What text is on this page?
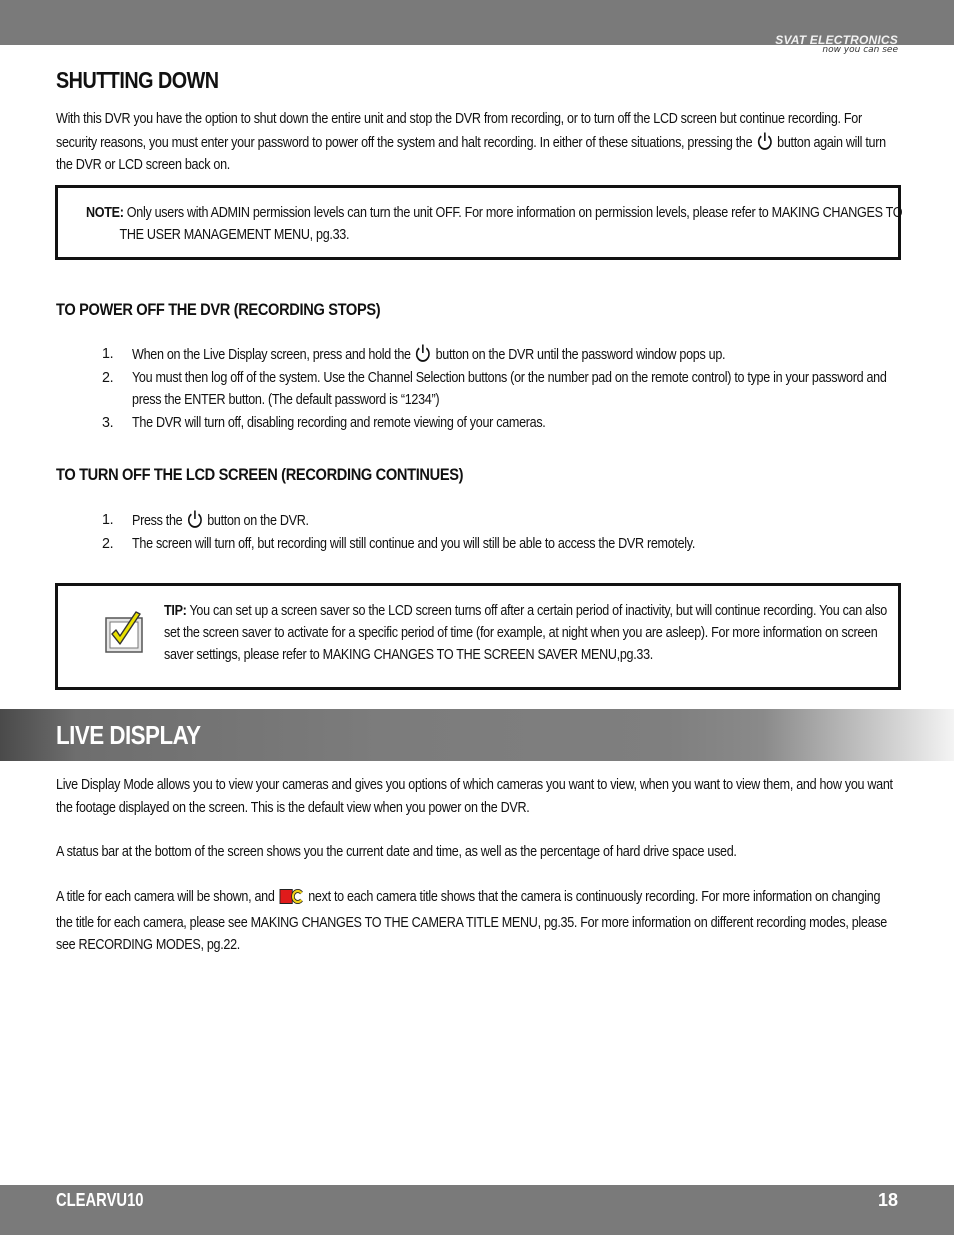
SVAT ELECTRONICS
now you can see
SHUTTING DOWN
With this DVR you have the option to shut down the entire unit and stop the DVR from recording, or to turn off the LCD screen but continue recording. For security reasons, you must enter your password to power off the system and halt recording. In either of these situations, pressing the button again will turn the DVR or LCD screen back on.
NOTE: Only users with ADMIN permission levels can turn the unit OFF. For more information on permission levels, please refer to MAKING CHANGES TO THE USER MANAGEMENT MENU, pg.33.
TO POWER OFF THE DVR (RECORDING STOPS)
1. When on the Live Display screen, press and hold the button on the DVR until the password window pops up.
2. You must then log off of the system. Use the Channel Selection buttons (or the number pad on the remote control) to type in your password and press the ENTER button. (The default password is “1234”)
3. The DVR will turn off, disabling recording and remote viewing of your cameras.
TO TURN OFF THE LCD SCREEN (RECORDING CONTINUES)
1. Press the button on the DVR.
2. The screen will turn off, but recording will still continue and you will still be able to access the DVR remotely.
TIP: You can set up a screen saver so the LCD screen turns off after a certain period of inactivity, but will continue recording. You can also set the screen saver to activate for a specific period of time (for example, at night when you are asleep). For more information on screen saver settings, please refer to MAKING CHANGES TO THE SCREEN SAVER MENU,pg.33.
LIVE DISPLAY
Live Display Mode allows you to view your cameras and gives you options of which cameras you want to view, when you want to view them, and how you want the footage displayed on the screen. This is the default view when you power on the DVR.
A status bar at the bottom of the screen shows you the current date and time, as well as the percentage of hard drive space used.
A title for each camera will be shown, and next to each camera title shows that the camera is continuously recording. For more information on changing the title for each camera, please see MAKING CHANGES TO THE CAMERA TITLE MENU, pg.35. For more information on different recording modes, please see RECORDING MODES, pg.22.
CLEARVU10	18
